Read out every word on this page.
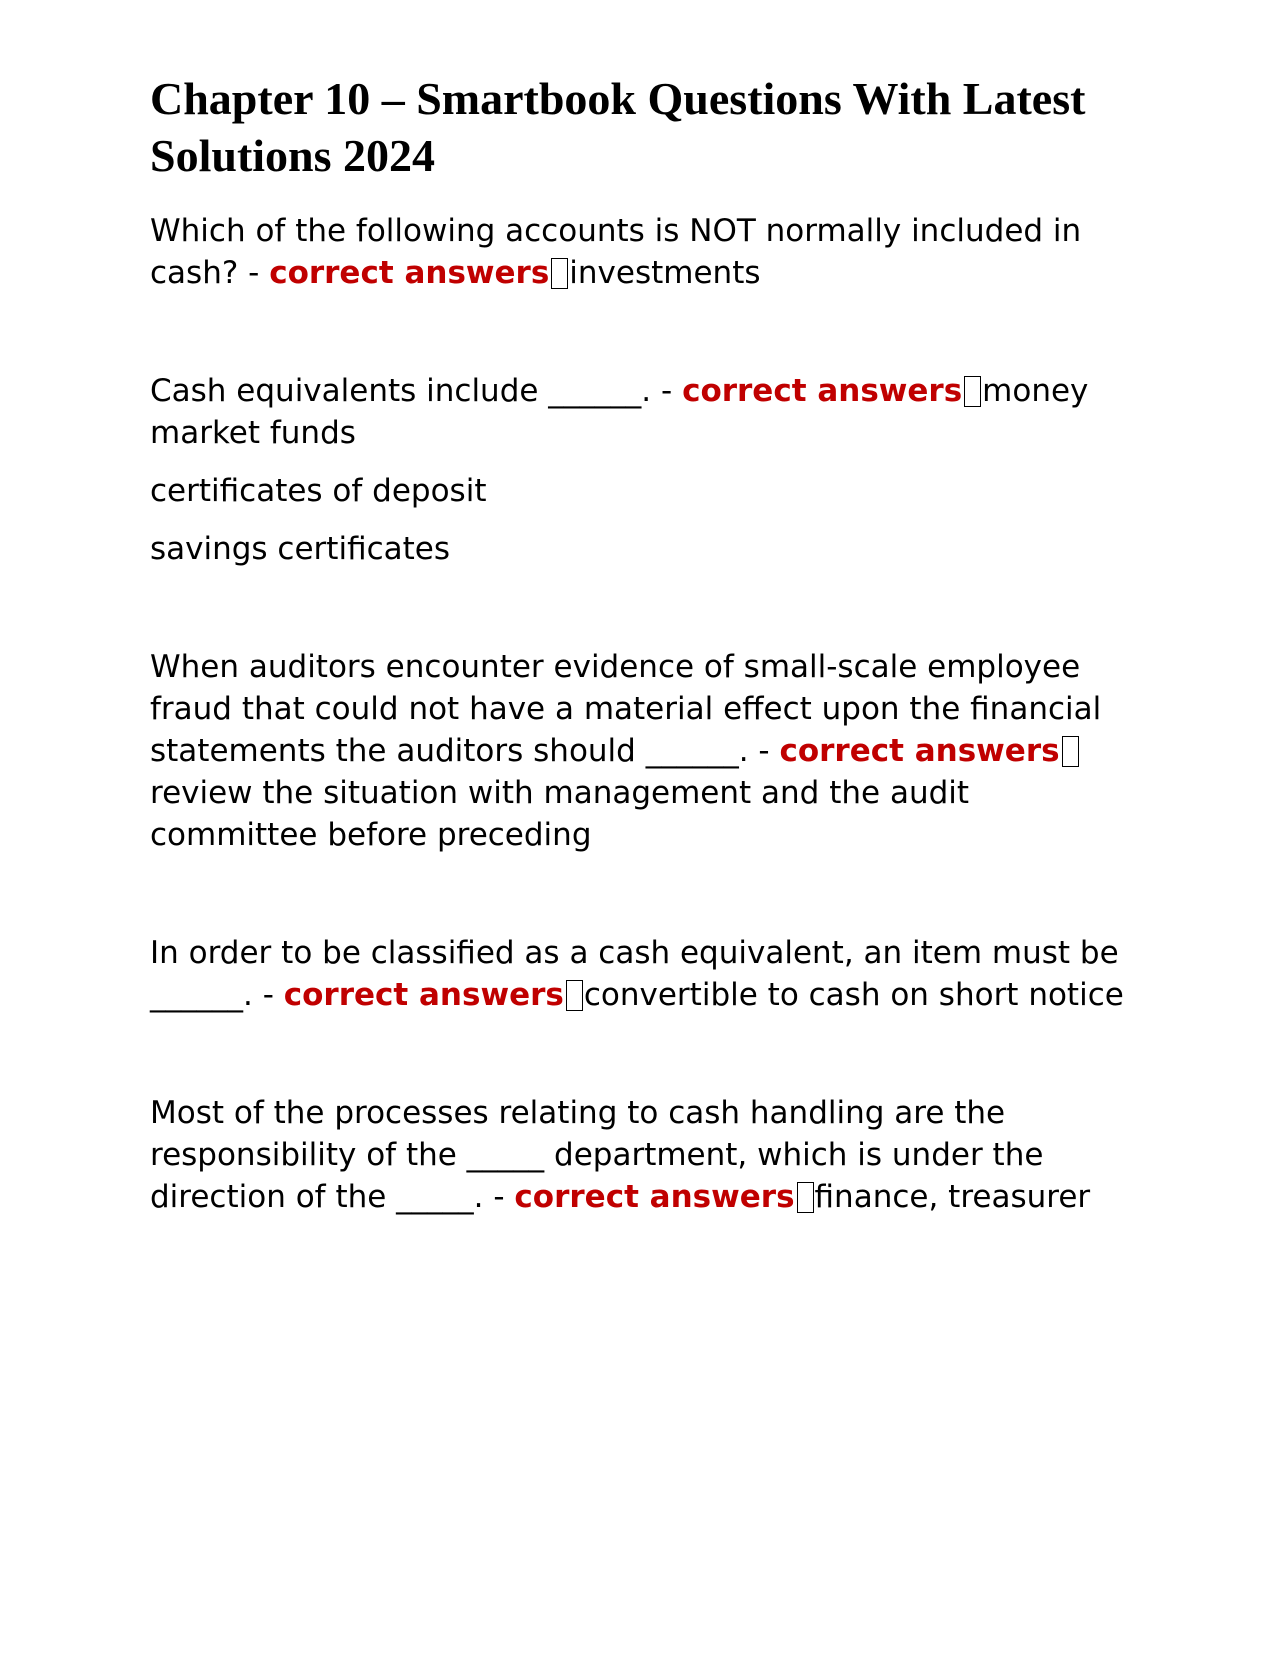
Chapter 10 – Smartbook Questions With Latest Solutions 2024

Which of the following accounts is NOT normally included in cash? - correct answers investments

Cash equivalents include ______. - correct answers money market funds

certificates of deposit

savings certificates

When auditors encounter evidence of small-scale employee fraud that could not have a material effect upon the financial statements the auditors should ______. - correct answersreview the situation with management and the audit committee before preceding

In order to be classified as a cash equivalent, an item must be ______. - correct answers convertible to cash on short notice

Most of the processes relating to cash handling are the responsibility of the _____ department, which is under the direction of the _____. - correct answers finance, treasurer
